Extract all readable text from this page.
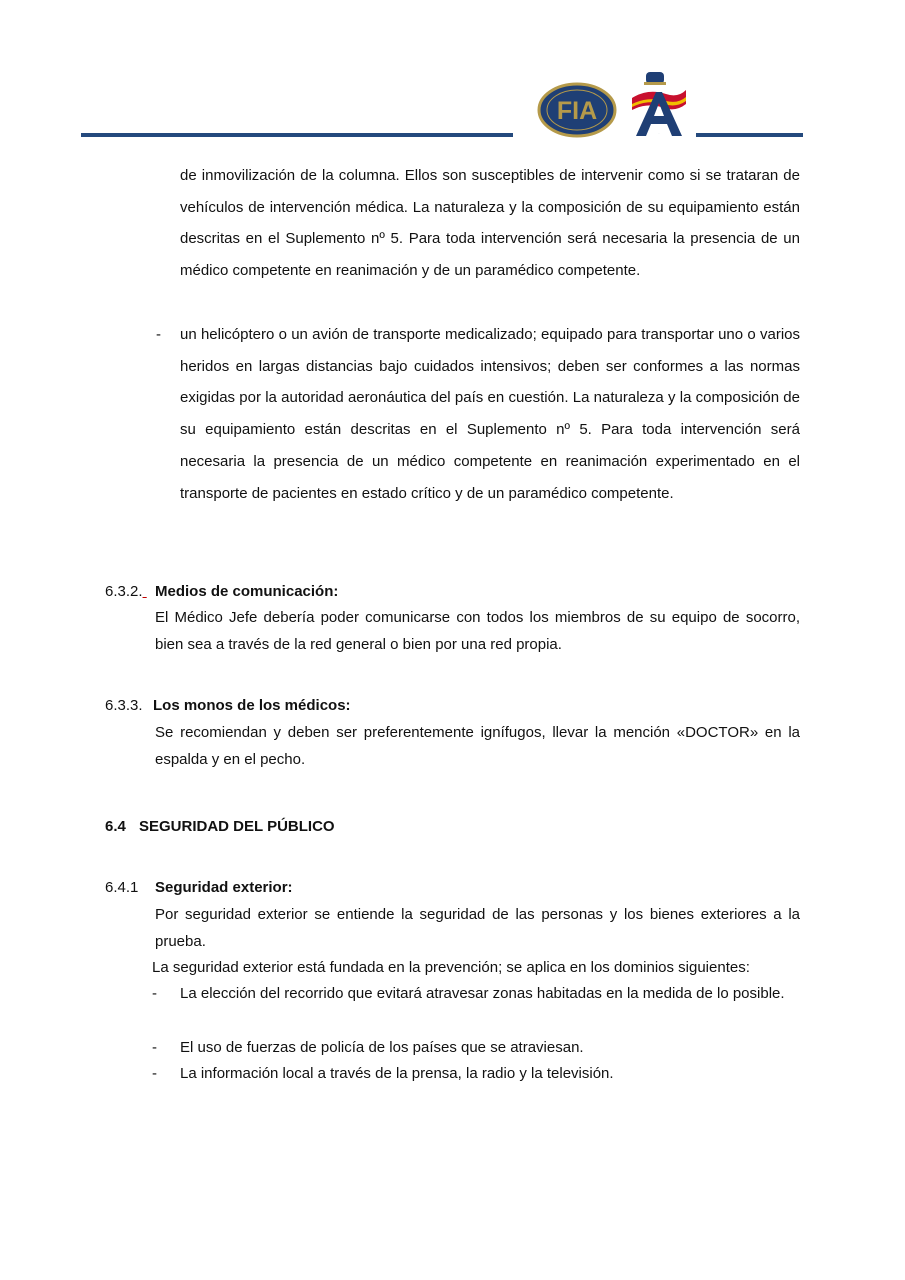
FIA
A
de inmovilización de la columna. Ellos son susceptibles de intervenir como si se trataran de vehículos de intervención médica. La naturaleza y la composición de su equipamiento están descritas en el Suplemento nº 5. Para toda intervención será necesaria la presencia de un médico competente en reanimación y de un paramédico competente.
- un helicóptero o un avión de transporte medicalizado; equipado para transportar uno o varios heridos en largas distancias bajo cuidados intensivos; deben ser conformes a las normas exigidas por la autoridad aeronáutica del país en cuestión. La naturaleza y la composición de su equipamiento están descritas en el Suplemento nº 5. Para toda intervención será necesaria la presencia de un médico competente en reanimación experimentado en el transporte de pacientes en estado crítico y de un paramédico competente.
6.3.2. Medios de comunicación:
El Médico Jefe debería poder comunicarse con todos los miembros de su equipo de socorro, bien sea a través de la red general o bien por una red propia.
6.3.3. Los monos de los médicos:
Se recomiendan y deben ser preferentemente ignífugos, llevar la mención «DOCTOR» en la espalda y en el pecho.
6.4 SEGURIDAD DEL PÚBLICO
6.4.1 Seguridad exterior:
Por seguridad exterior se entiende la seguridad de las personas y los bienes exteriores a la prueba.
La seguridad exterior está fundada en la prevención; se aplica en los dominios siguientes:
- La elección del recorrido que evitará atravesar zonas habitadas en la medida de lo posible.
- El uso de fuerzas de policía de los países que se atraviesan.
- La información local a través de la prensa, la radio y la televisión.
